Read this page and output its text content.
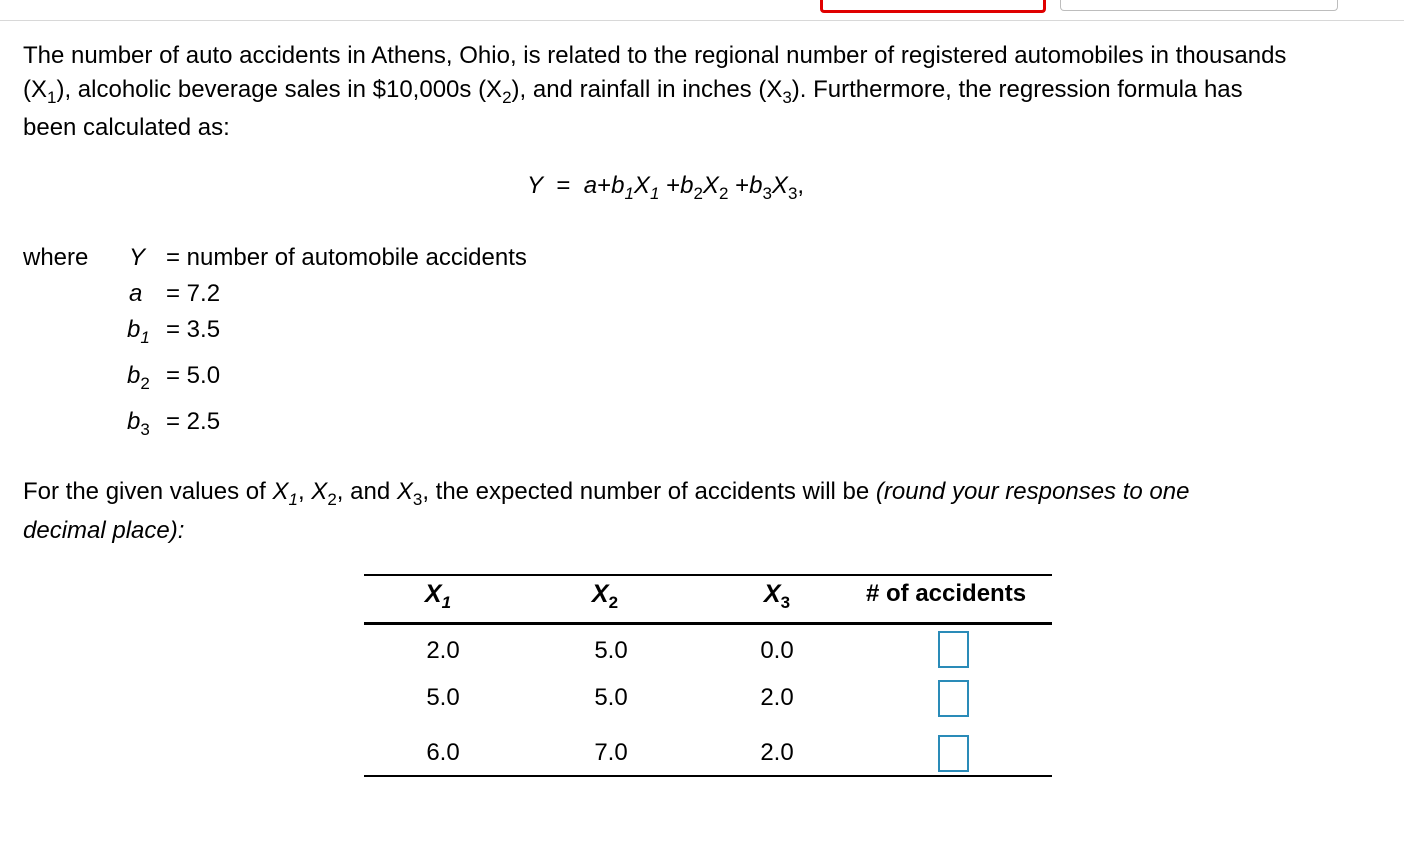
The number of auto accidents in Athens, Ohio, is related to the regional number of registered automobiles in thousands
$(X_1)$, alcoholic beverage sales in $10,000s $(X_2)$, and rainfall in inches $(X_3)$. Furthermore, the regression formula has
been calculated as:
$Y = a+b_1X_1 +b_2X_2 +b_3X_3$,
where Y = number of automobile accidents
a = 7.2
$b_1 = 3.5$
$b_2 = 5.0$
$b_3 = 2.5$
For the given values of $X_1$, $X_2$, and $X_3$, the expected number of accidents will be (round your responses to one
decimal place):
$X_1$	$X_2$	$X_3$	# of accidents
2.0	5.0	0.0
5.0	5.0	2.0
6.0	7.0	2.0
